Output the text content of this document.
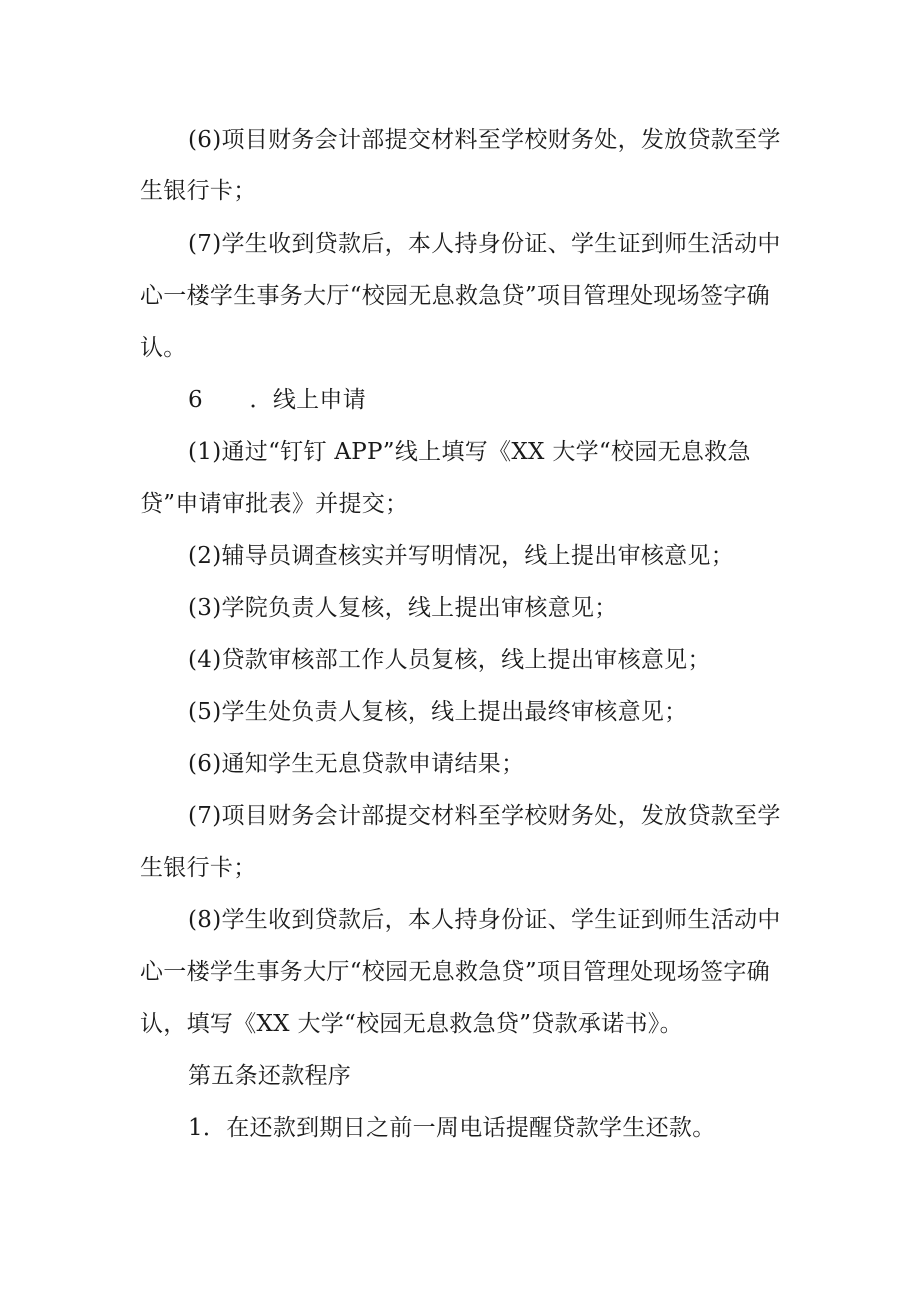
(6)项目财务会计部提交材料至学校财务处，发放贷款至学
生银行卡；
(7)学生收到贷款后，本人持身份证、学生证到师生活动中
心一楼学生事务大厅“校园无息救急贷”项目管理处现场签字确
认。
6　　．线上申请
(1)通过“钉钉 APP”线上填写《XX 大学“校园无息救急
贷”申请审批表》并提交；
(2)辅导员调查核实并写明情况，线上提出审核意见；
(3)学院负责人复核，线上提出审核意见；
(4)贷款审核部工作人员复核，线上提出审核意见；
(5)学生处负责人复核，线上提出最终审核意见；
(6)通知学生无息贷款申请结果；
(7)项目财务会计部提交材料至学校财务处，发放贷款至学
生银行卡；
(8)学生收到贷款后，本人持身份证、学生证到师生活动中
心一楼学生事务大厅“校园无息救急贷”项目管理处现场签字确
认，填写《XX 大学“校园无息救急贷”贷款承诺书》。
第五条还款程序
1．在还款到期日之前一周电话提醒贷款学生还款。
